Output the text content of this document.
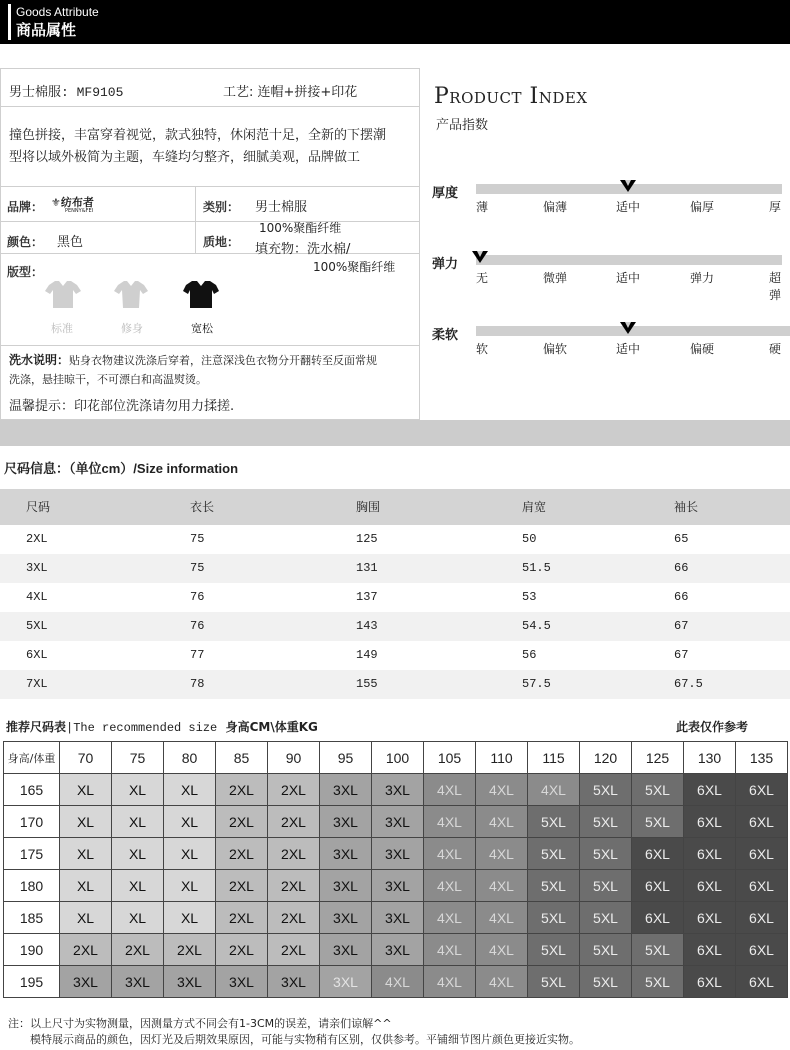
Goods Attribute
商品属性
男士棉服: MF9105	工艺: 连帽+拼接+印花
撞色拼接，丰富穿着视觉，款式独特，休闲范十足，全新的下摆潮
型将以域外极简为主题，车缝均匀整齐，细腻美观，品牌做工
品牌： ⚜纺布者
PENNY&FEI	类别： 男士棉服
颜色： 黑色	质地：
100%聚酯纤维
填充物：洗水棉/
100%聚酯纤维
版型：
标准	修身	宽松
洗水说明：贴身衣物建议洗涤后穿着，注意深浅色衣物分开翻转至反面常规
洗涤，悬挂晾干，不可漂白和高温熨烫。
温馨提示：印花部位洗涤请勿用力揉搓.
Product Index
产品指数
厚度
薄	偏薄	适中	偏厚	厚
弹力
无	微弹	适中	弹力	超弹
柔软
软	偏软	适中	偏硬	硬
尺码信息：（单位cm）/Size information
尺码	衣长	胸围	肩宽	袖长
2XL	75	125	50	65
3XL	75	131	51.5	66
4XL	76	137	53	66
5XL	76	143	54.5	67
6XL	77	149	56	67
7XL	78	155	57.5	67.5
推荐尺码表|The recommended size 身高CM\体重KG	此表仅作参考
身高/体重	70	75	80	85	90	95	100	105	110	115	120	125	130	135
165	XL	XL	XL	2XL	2XL	3XL	3XL	4XL	4XL	4XL	5XL	5XL	6XL	6XL
170	XL	XL	XL	2XL	2XL	3XL	3XL	4XL	4XL	5XL	5XL	5XL	6XL	6XL
175	XL	XL	XL	2XL	2XL	3XL	3XL	4XL	4XL	5XL	5XL	6XL	6XL	6XL
180	XL	XL	XL	2XL	2XL	3XL	3XL	4XL	4XL	5XL	5XL	6XL	6XL	6XL
185	XL	XL	XL	2XL	2XL	3XL	3XL	4XL	4XL	5XL	5XL	6XL	6XL	6XL
190	2XL	2XL	2XL	2XL	2XL	3XL	3XL	4XL	4XL	5XL	5XL	5XL	6XL	6XL
195	3XL	3XL	3XL	3XL	3XL	3XL	4XL	4XL	4XL	5XL	5XL	5XL	6XL	6XL
注：以上尺寸为实物测量，因测量方式不同会有1-3CM的误差，请亲们谅解^^
模特展示商品的颜色，因灯光及后期效果原因，可能与实物稍有区别，仅供参考。平铺细节图片颜色更接近实物。
